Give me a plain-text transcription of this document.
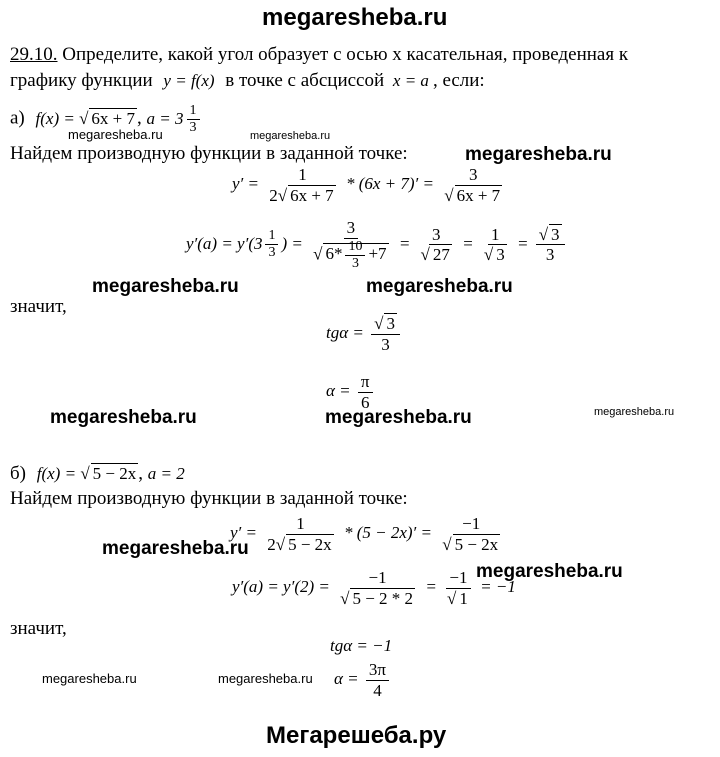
megaresheba.ru
29.10. Определите, какой угол образует с осью x касательная, проведенная к
графику функции y = f(x) в точке с абсциссой x = a , если:
а) f(x) = √ 6x + 7 , $a = 3 \frac{1}{3}$
megaresheba.ru	megaresheba.ru
Найдем производную функции в заданной точке:	megaresheba.ru
$y' = \frac{1}{2√ 6x + 7} * (6x + 7)' = \frac{3}{√ 6x + 7}$
$y'(a) = y'(3 \frac{1}{3}$ ) = $\frac{3}{√ 6* \frac{10}{3} +7} = \frac{3}{√ 27} = \frac{1}{√ 3} = \frac{√ 3}{3}$
megaresheba.ru	megaresheba.ru
значит,
$tg\alpha = \frac{√ 3}{3}$
$\alpha = \frac{\pi}{6}$
megaresheba.ru	megaresheba.ru	megaresheba.ru
б) f(x) = √ 5 − 2x , a = 2
Найдем производную функции в заданной точке:
$y' = \frac{1}{2√ 5 - 2x} * (5 - 2x)' = \frac{-1}{√ 5 - 2x}$
megaresheba.ru
$y'(a) = y'(2) = \frac{-1}{√ 5 - 2 * 2} = \frac{-1}{√ 1} = -1$
megaresheba.ru
значит,
tgα = −1
megaresheba.ru	megaresheba.ru $\alpha = \frac{3\pi}{4}$
Мегарешеба.ру
